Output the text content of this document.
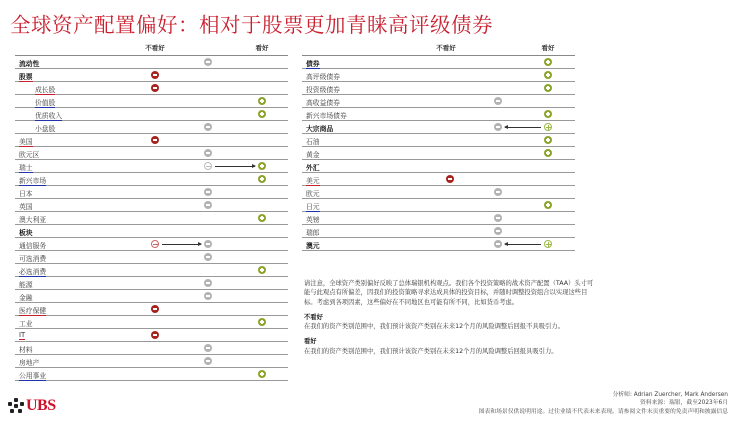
全球资产配置偏好：相对于股票更加青睐高评级债券
不看好	看好
流动性
股票
成长股
价值股
优质收入
小盘股
美国
欧元区
瑞士
新兴市场
日本
英国
澳大利亚
板块
通信服务
可选消费
必选消费
能源
金融
医疗保健
工业
IT
材料
房地产
公用事业
不看好	看好
债券
高评级债券
投资级债券
高收益债券
新兴市场债券
大宗商品
石油
黄金
外汇
美元
欧元
日元
英镑
瑞郎
澳元

请注意，全球资产类别偏好反映了总体瑞银机构观点。我们各个投资策略的战术资产配置（TAA）头寸可能与此观点有所偏差，因我们的投资策略寻求达成具体的投资目标，并随时调整投资组合以实现这些目标。考虑到各项因素，这些偏好在不同地区也可能有所不同，比如货币考虑。

不看好

在我们的资产类别范围中，我们预计该资产类别在未来12个月的风险调整后回报不具吸引力。

看好

在我们的资产类别范围中，我们预计该资产类别在未来12个月的风险调整后回报具吸引力。

分析师: Adrian Zuercher, Mark Andersen
资料来源：瑞银，截至2023年6月
图表和场景仅供说明用途。过往业绩不代表未来表现。请参阅文件末页重要的免责声明和披露信息
UBS
